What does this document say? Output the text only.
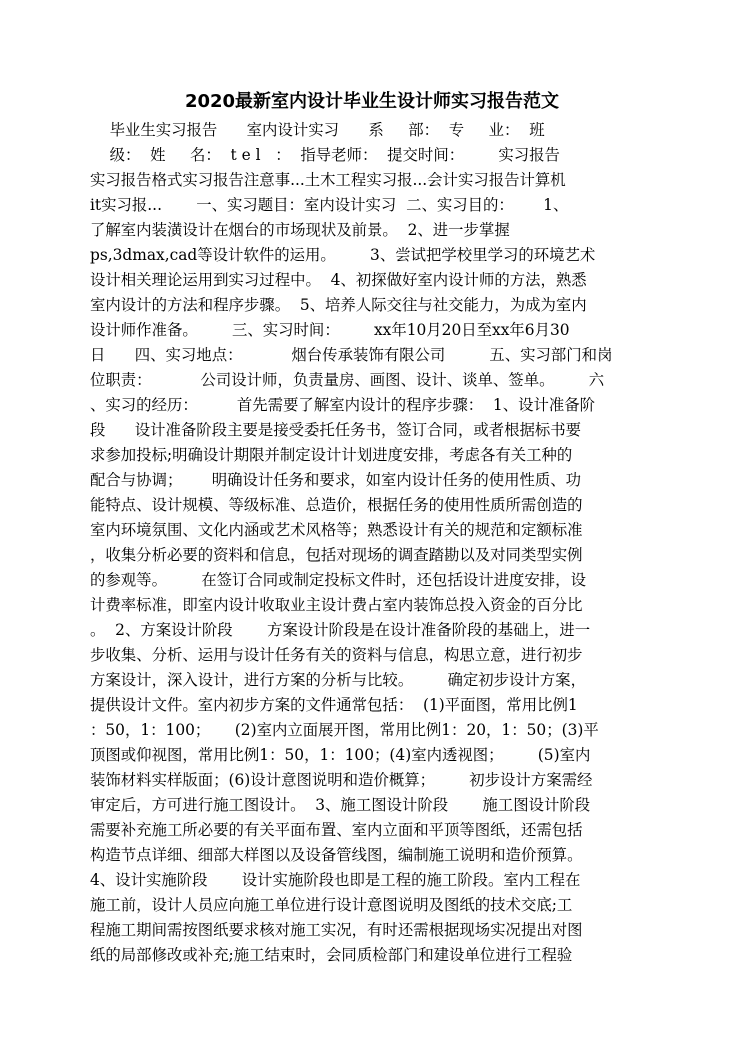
2020最新室内设计毕业生设计师实习报告范文
毕业生实习报告      室内设计实习      系     部：  专     业：  班
级：  姓     名：  t e l   ：  指导老师：  提交时间：       实习报告
实习报告格式实习报告注意事...土木工程实习报...会计实习报告计算机
it实习报...       一、实习题目：室内设计实习  二、实习目的：      1、
了解室内装潢设计在烟台的市场现状及前景。  2、进一步掌握
ps,3dmax,cad等设计软件的运用。       3、尝试把学校里学习的环境艺术
设计相关理论运用到实习过程中。  4、初探做好室内设计师的方法，熟悉
室内设计的方法和程序步骤。  5、培养人际交往与社交能力，为成为室内
设计师作准备。       三、实习时间：       xx年10月20日至xx年6月30
日      四、实习地点：          烟台传承装饰有限公司         五、实习部门和岗
位职责：          公司设计师，负责量房、画图、设计、谈单、签单。       六
、实习的经历：        首先需要了解室内设计的程序步骤：  1、设计准备阶
段      设计准备阶段主要是接受委托任务书，签订合同，或者根据标书要
求参加投标;明确设计期限并制定设计计划进度安排，考虑各有关工种的
配合与协调；      明确设计任务和要求，如室内设计任务的使用性质、功
能特点、设计规模、等级标准、总造价，根据任务的使用性质所需创造的
室内环境氛围、文化内涵或艺术风格等；熟悉设计有关的规范和定额标准
，收集分析必要的资料和信息，包括对现场的调查踏勘以及对同类型实例
的参观等。       在签订合同或制定投标文件时，还包括设计进度安排，设
计费率标准，即室内设计收取业主设计费占室内装饰总投入资金的百分比
。  2、方案设计阶段       方案设计阶段是在设计准备阶段的基础上，进一
步收集、分析、运用与设计任务有关的资料与信息，构思立意，进行初步
方案设计，深入设计，进行方案的分析与比较。       确定初步设计方案，
提供设计文件。室内初步方案的文件通常包括：  (1)平面图，常用比例1
：50，1：100；     (2)室内立面展开图，常用比例1：20，1：50；(3)平
顶图或仰视图，常用比例1：50，1：100；(4)室内透视图；       (5)室内
装饰材料实样版面；(6)设计意图说明和造价概算；       初步设计方案需经
审定后，方可进行施工图设计。  3、施工图设计阶段       施工图设计阶段
需要补充施工所必要的有关平面布置、室内立面和平顶等图纸，还需包括
构造节点详细、细部大样图以及设备管线图，编制施工说明和造价预算。
4、设计实施阶段       设计实施阶段也即是工程的施工阶段。室内工程在
施工前，设计人员应向施工单位进行设计意图说明及图纸的技术交底;工
程施工期间需按图纸要求核对施工实况，有时还需根据现场实况提出对图
纸的局部修改或补充;施工结束时，会同质检部门和建设单位进行工程验
